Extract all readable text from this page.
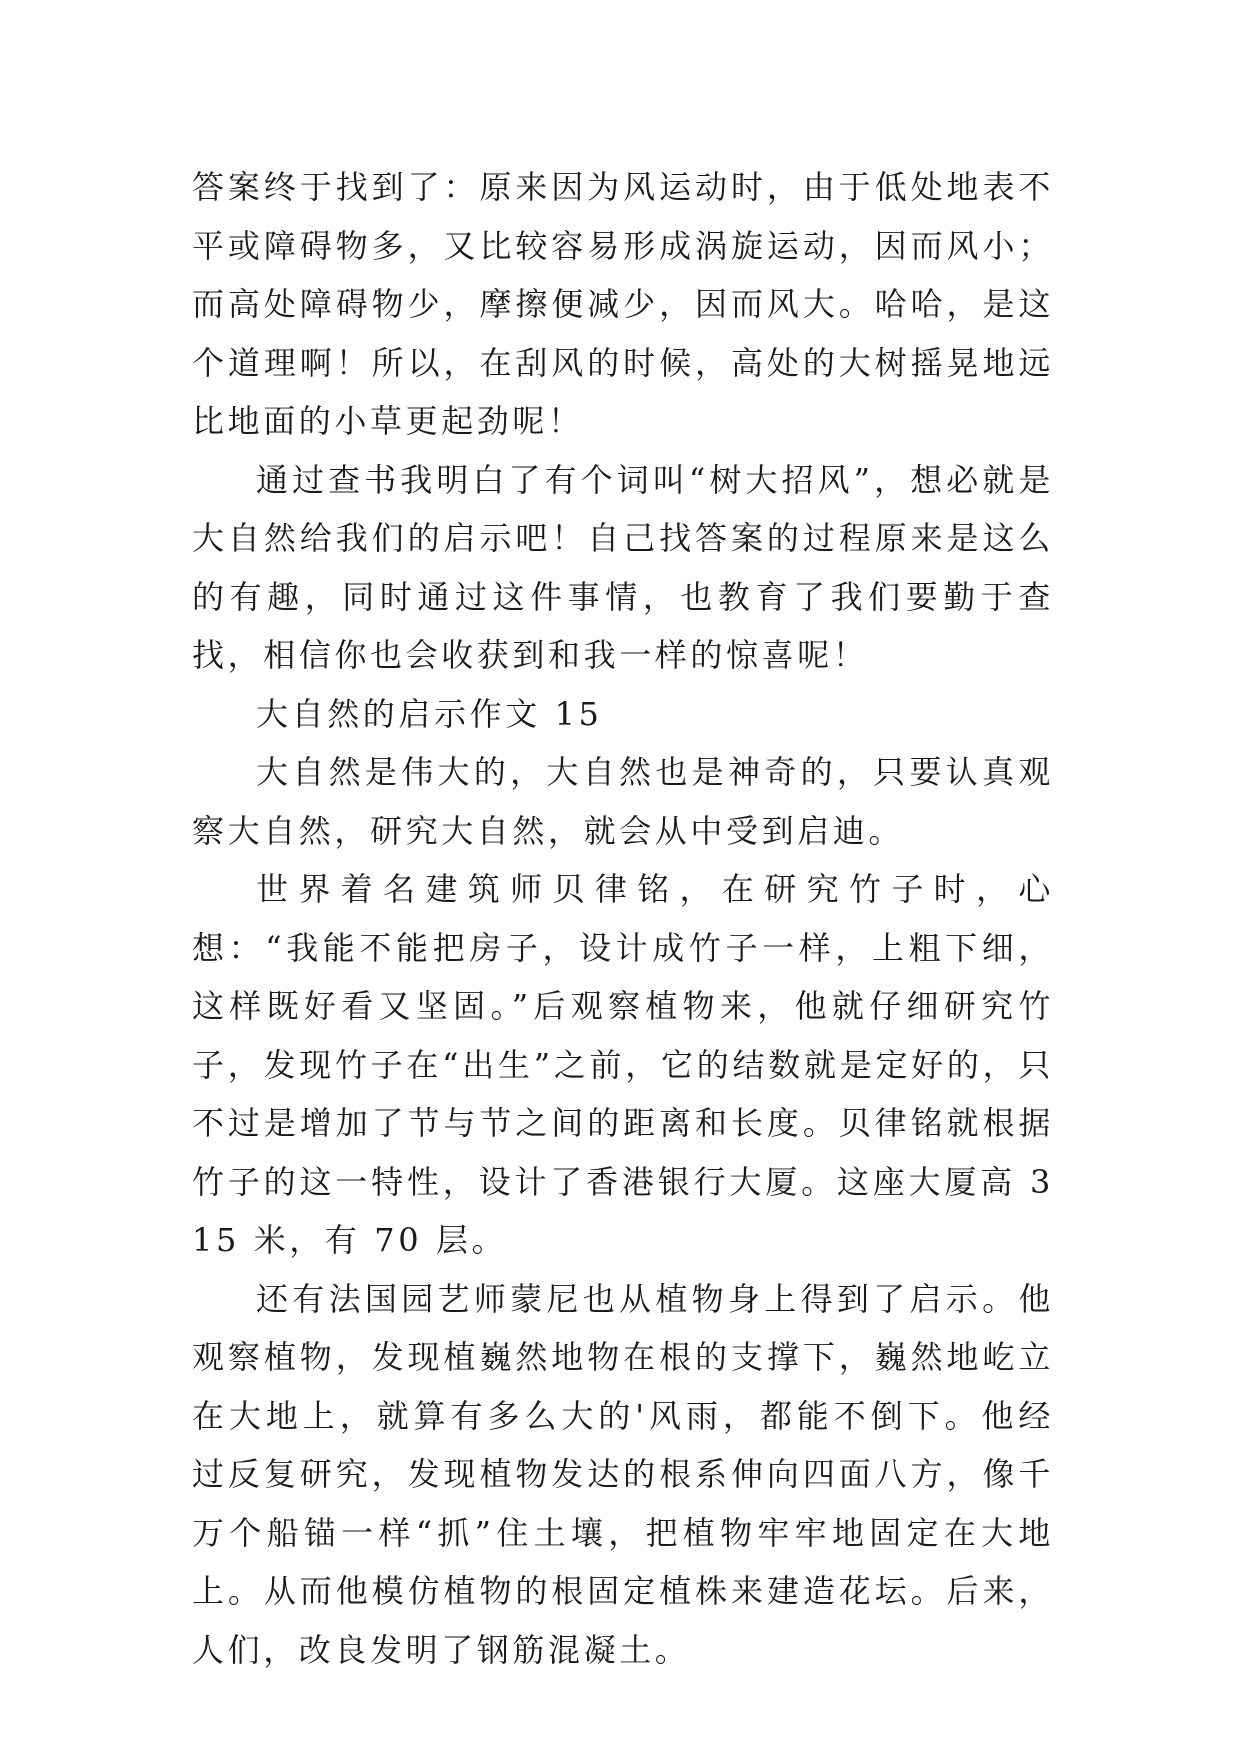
答案终于找到了：原来因为风运动时，由于低处地表不平或障碍物多，又比较容易形成涡旋运动，因而风小；而高处障碍物少，摩擦便减少，因而风大。哈哈，是这个道理啊！所以，在刮风的时候，高处的大树摇晃地远比地面的小草更起劲呢！

通过查书我明白了有个词叫“树大招风”，想必就是大自然给我们的启示吧！自己找答案的过程原来是这么的有趣，同时通过这件事情，也教育了我们要勤于查找，相信你也会收获到和我一样的惊喜呢！

大自然的启示作文 15

大自然是伟大的，大自然也是神奇的，只要认真观察大自然，研究大自然，就会从中受到启迪。

世界着名建筑师贝律铭，在研究竹子时，心想：“我能不能把房子，设计成竹子一样，上粗下细，这样既好看又坚固。”后观察植物来，他就仔细研究竹子，发现竹子在“出生”之前，它的结数就是定好的，只不过是增加了节与节之间的距离和长度。贝律铭就根据竹子的这一特性，设计了香港银行大厦。这座大厦高 315 米，有 70 层。

还有法国园艺师蒙尼也从植物身上得到了启示。他观察植物，发现植巍然地物在根的支撑下，巍然地屹立在大地上，就算有多么大的'风雨，都能不倒下。他经过反复研究，发现植物发达的根系伸向四面八方，像千万个船锚一样“抓”住土壤，把植物牢牢地固定在大地上。从而他模仿植物的根固定植株来建造花坛。后来，人们，改良发明了钢筋混凝土。
